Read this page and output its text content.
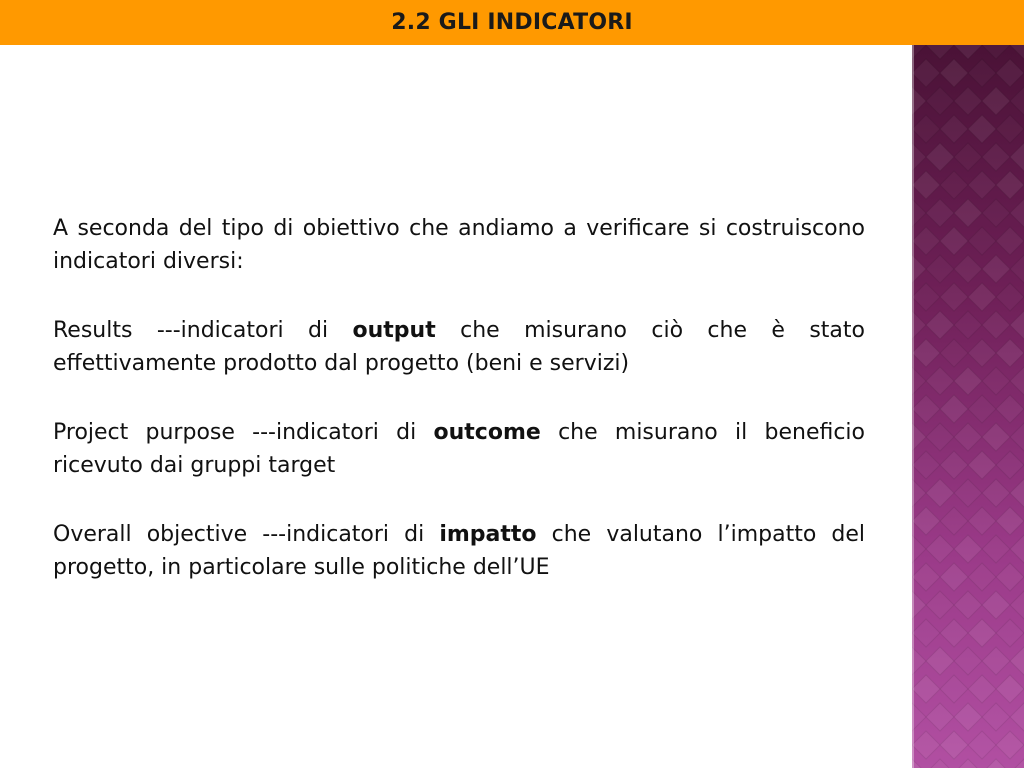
2.2 GLI INDICATORI

A seconda del tipo di obiettivo che andiamo a verificare si costruiscono indicatori diversi:

Results ---indicatori di output che misurano ciò che è stato effettivamente prodotto dal progetto (beni e servizi)

Project purpose ---indicatori di outcome che misurano il beneficio ricevuto dai gruppi target

Overall objective ---indicatori di impatto che valutano l’impatto del progetto, in particolare sulle politiche dell’UE
